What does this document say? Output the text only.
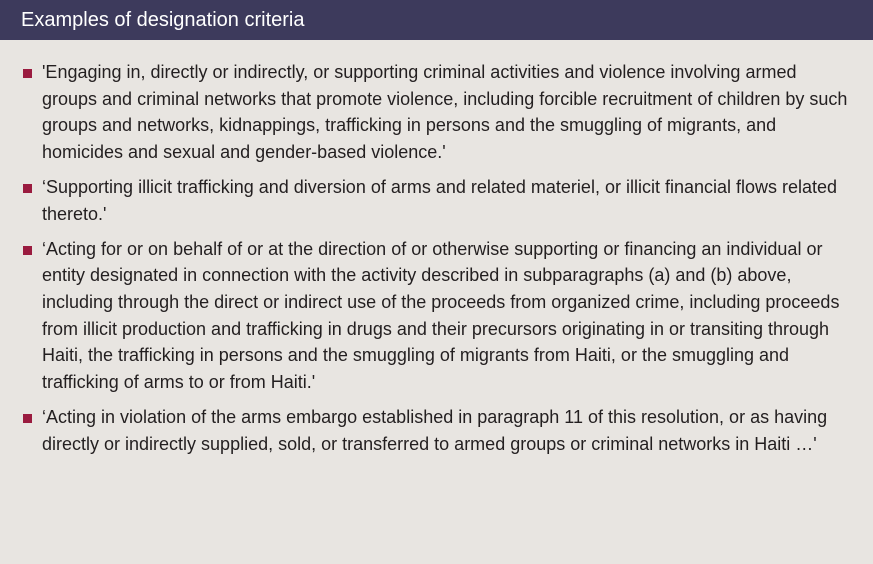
Examples of designation criteria
'Engaging in, directly or indirectly, or supporting criminal activities and violence involving armed groups and criminal networks that promote violence, including forcible recruitment of children by such groups and networks, kidnappings, trafficking in persons and the smuggling of migrants, and homicides and sexual and gender-based violence.'
‘Supporting illicit trafficking and diversion of arms and related materiel, or illicit financial flows related thereto.'
‘Acting for or on behalf of or at the direction of or otherwise supporting or financing an individual or entity designated in connection with the activity described in subparagraphs (a) and (b) above, including through the direct or indirect use of the proceeds from organized crime, including proceeds from illicit production and trafficking in drugs and their precursors originating in or transiting through Haiti, the trafficking in persons and the smuggling of migrants from Haiti, or the smuggling and trafficking of arms to or from Haiti.'
‘Acting in violation of the arms embargo established in paragraph 11 of this resolution, or as having directly or indirectly supplied, sold, or transferred to armed groups or criminal networks in Haiti …'
